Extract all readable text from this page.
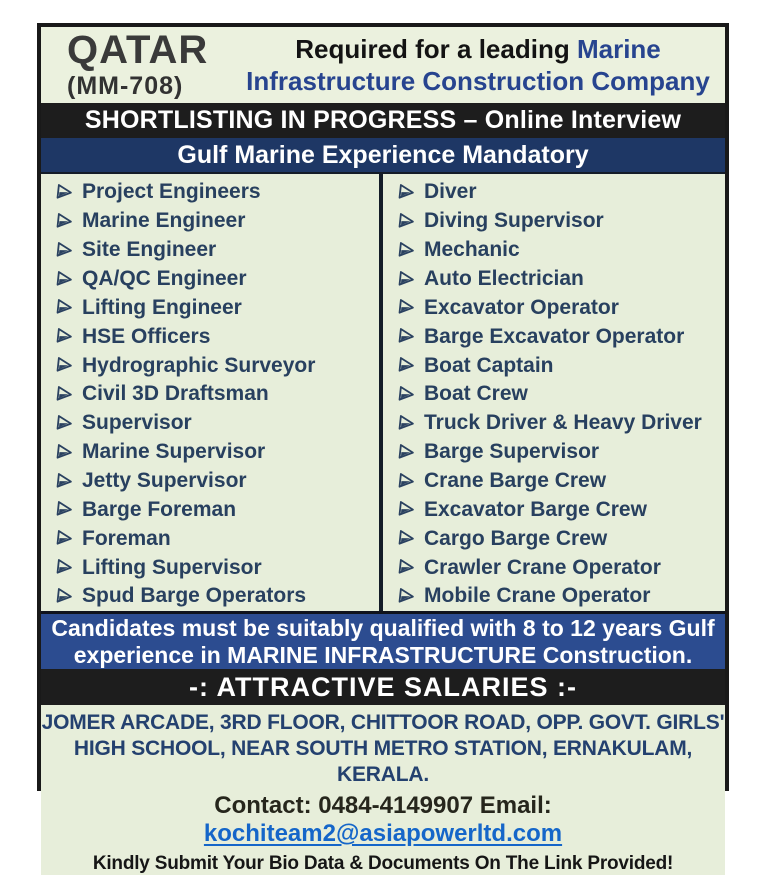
QATAR
(MM-708)
Required for a leading Marine Infrastructure Construction Company
SHORTLISTING IN PROGRESS – Online Interview
Gulf Marine Experience Mandatory
Project Engineers
Marine Engineer
Site Engineer
QA/QC Engineer
Lifting Engineer
HSE Officers
Hydrographic Surveyor
Civil 3D Draftsman
Supervisor
Marine Supervisor
Jetty Supervisor
Barge Foreman
Foreman
Lifting Supervisor
Spud Barge Operators
Diver
Diving Supervisor
Mechanic
Auto Electrician
Excavator Operator
Barge Excavator Operator
Boat Captain
Boat Crew
Truck Driver & Heavy Driver
Barge Supervisor
Crane Barge Crew
Excavator Barge Crew
Cargo Barge Crew
Crawler Crane Operator
Mobile Crane Operator
Candidates must be suitably qualified with 8 to 12 years Gulf
experience in MARINE INFRASTRUCTURE Construction.
-: ATTRACTIVE SALARIES :-
JOMER ARCADE, 3RD FLOOR, CHITTOOR ROAD, OPP. GOVT. GIRLS'
HIGH SCHOOL, NEAR SOUTH METRO STATION, ERNAKULAM, KERALA.
Contact: 0484-4149907 Email: kochiteam2@asiapowerltd.com
Kindly Submit Your Bio Data & Documents On The Link Provided!
